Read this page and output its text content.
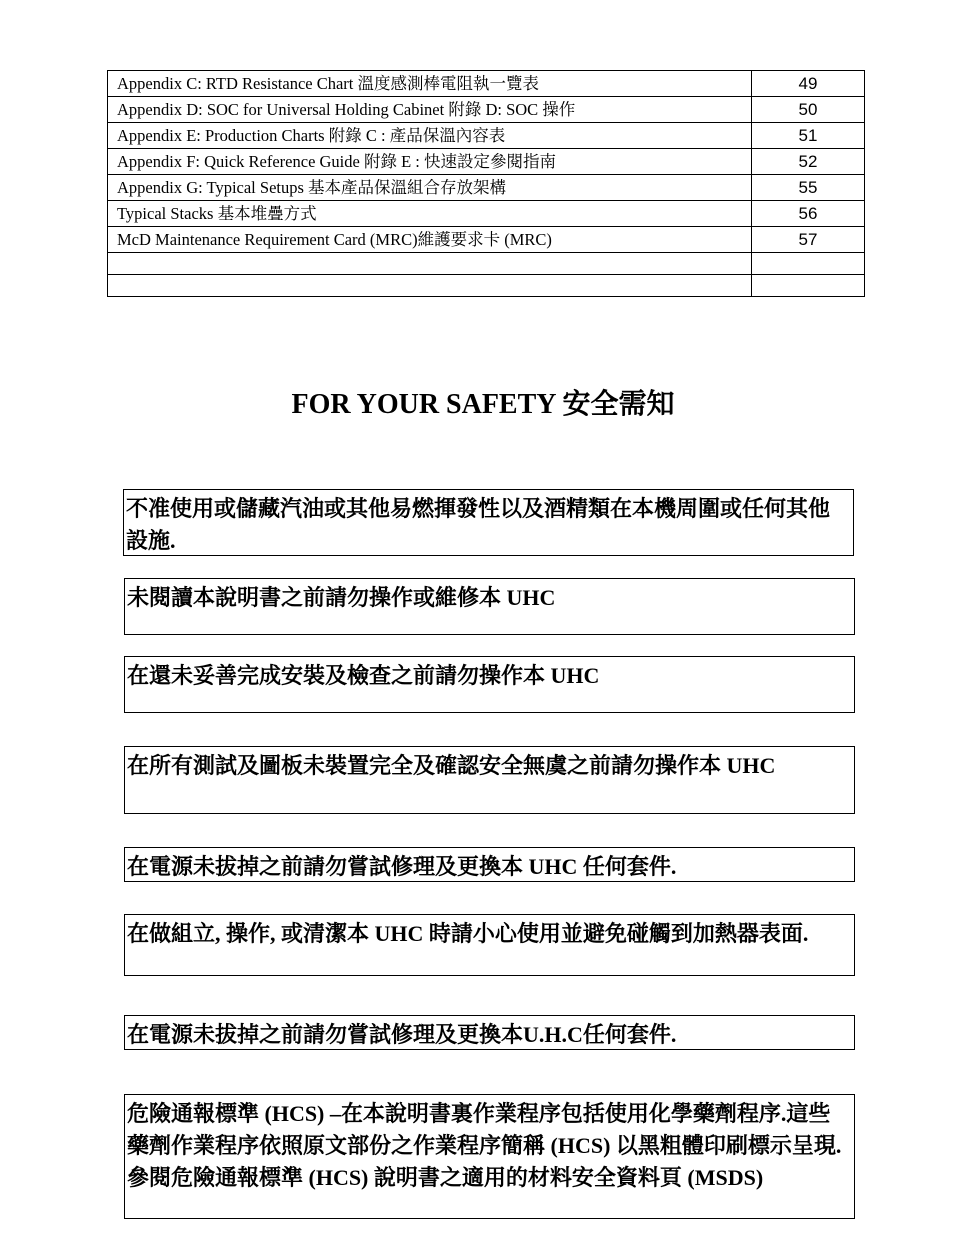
Appendix C: RTD Resistance Chart 溫度感測棒電阻執一覽表	49
Appendix D: SOC for Universal Holding Cabinet 附錄 D: SOC 操作	50
Appendix E: Production Charts 附錄 C : 產品保溫內容表	51
Appendix F: Quick Reference Guide 附錄 E : 快速設定參閱指南	52
Appendix G: Typical Setups 基本產品保溫組合存放架構	55
Typical Stacks 基本堆疊方式	56
McD Maintenance Requirement Card (MRC)維護要求卡 (MRC)	57

FOR YOUR SAFETY 安全需知
不准使用或儲藏汽油或其他易燃揮發性以及酒精類在本機周圍或任何其他設施.
未閱讀本說明書之前請勿操作或維修本 UHC
在還未妥善完成安裝及檢查之前請勿操作本 UHC
在所有測試及圖板未裝置完全及確認安全無虞之前請勿操作本 UHC
在電源未拔掉之前請勿嘗試修理及更換本 UHC 任何套件.
在做組立, 操作, 或清潔本 UHC 時請小心使用並避免碰觸到加熱器表面.
在電源未拔掉之前請勿嘗試修理及更換本U.H.C任何套件.
危險通報標準 (HCS) –在本說明書裏作業程序包括使用化學藥劑程序.這些藥劑作業程序依照原文部份之作業程序簡稱 (HCS) 以黑粗體印刷標示呈現. 參閱危險通報標準 (HCS) 說明書之適用的材料安全資料頁 (MSDS)
